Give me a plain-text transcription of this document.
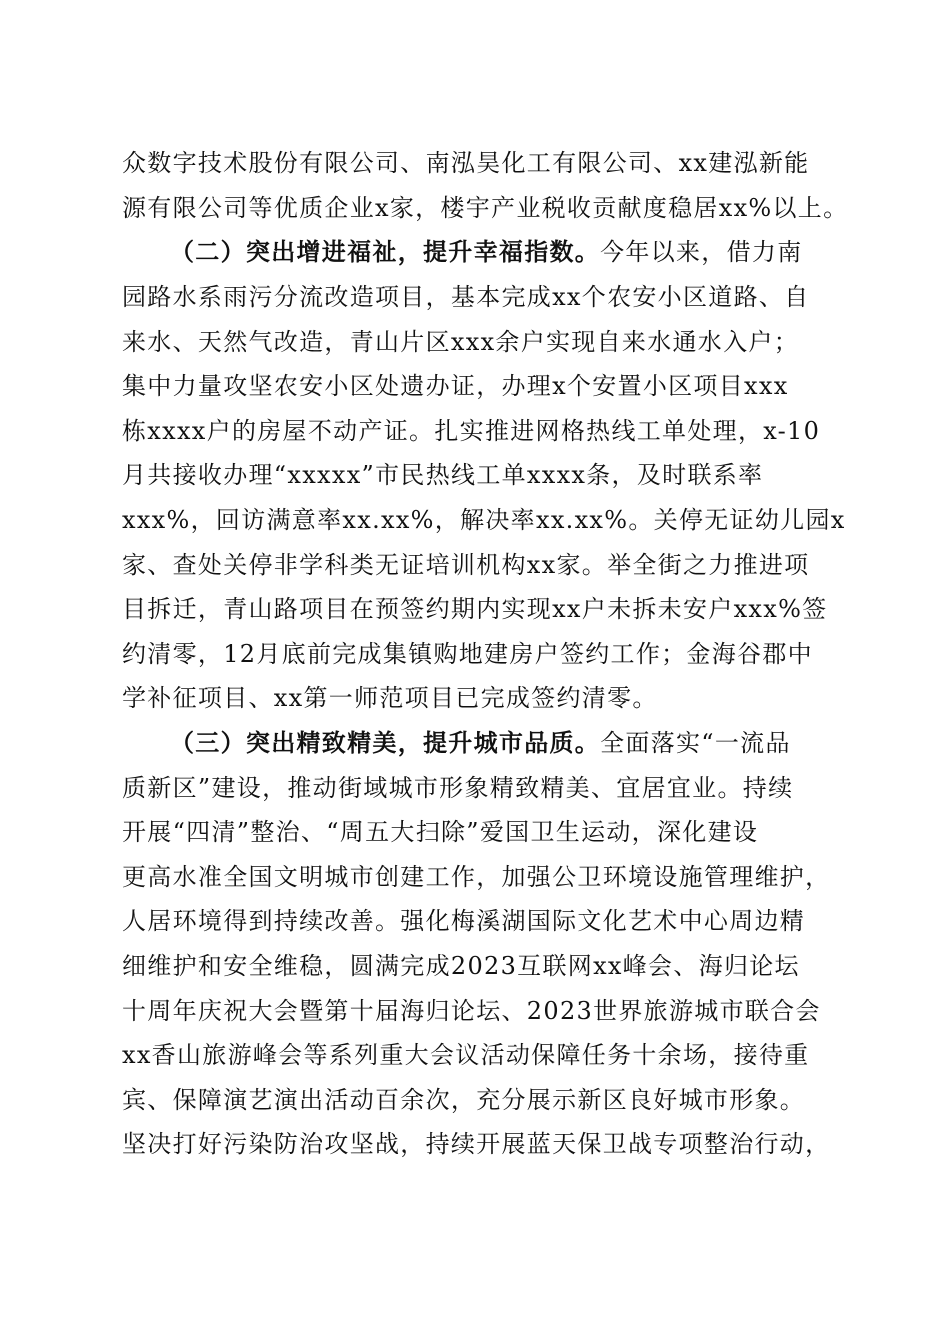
众数字技术股份有限公司、南泓昊化工有限公司、xx建泓新能
源有限公司等优质企业x家，楼宇产业税收贡献度稳居xx%以上。
（二）突出增进福祉，提升幸福指数。今年以来，借力南
园路水系雨污分流改造项目，基本完成xx个农安小区道路、自
来水、天然气改造，青山片区xxx余户实现自来水通水入户；
集中力量攻坚农安小区处遗办证，办理x个安置小区项目xxx
栋xxxx户的房屋不动产证。扎实推进网格热线工单处理，x-10
月共接收办理“xxxxx”市民热线工单xxxx条，及时联系率
xxx%，回访满意率xx.xx%，解决率xx.xx%。关停无证幼儿园x
家、查处关停非学科类无证培训机构xx家。举全街之力推进项
目拆迁，青山路项目在预签约期内实现xx户未拆未安户xxx%签
约清零，12月底前完成集镇购地建房户签约工作；金海谷郡中
学补征项目、xx第一师范项目已完成签约清零。
（三）突出精致精美，提升城市品质。全面落实“一流品
质新区”建设，推动街域城市形象精致精美、宜居宜业。持续
开展“四清”整治、“周五大扫除”爱国卫生运动，深化建设
更高水准全国文明城市创建工作，加强公卫环境设施管理维护，
人居环境得到持续改善。强化梅溪湖国际文化艺术中心周边精
细维护和安全维稳，圆满完成2023互联网xx峰会、海归论坛
十周年庆祝大会暨第十届海归论坛、2023世界旅游城市联合会
xx香山旅游峰会等系列重大会议活动保障任务十余场，接待重
宾、保障演艺演出活动百余次，充分展示新区良好城市形象。
坚决打好污染防治攻坚战，持续开展蓝天保卫战专项整治行动，
